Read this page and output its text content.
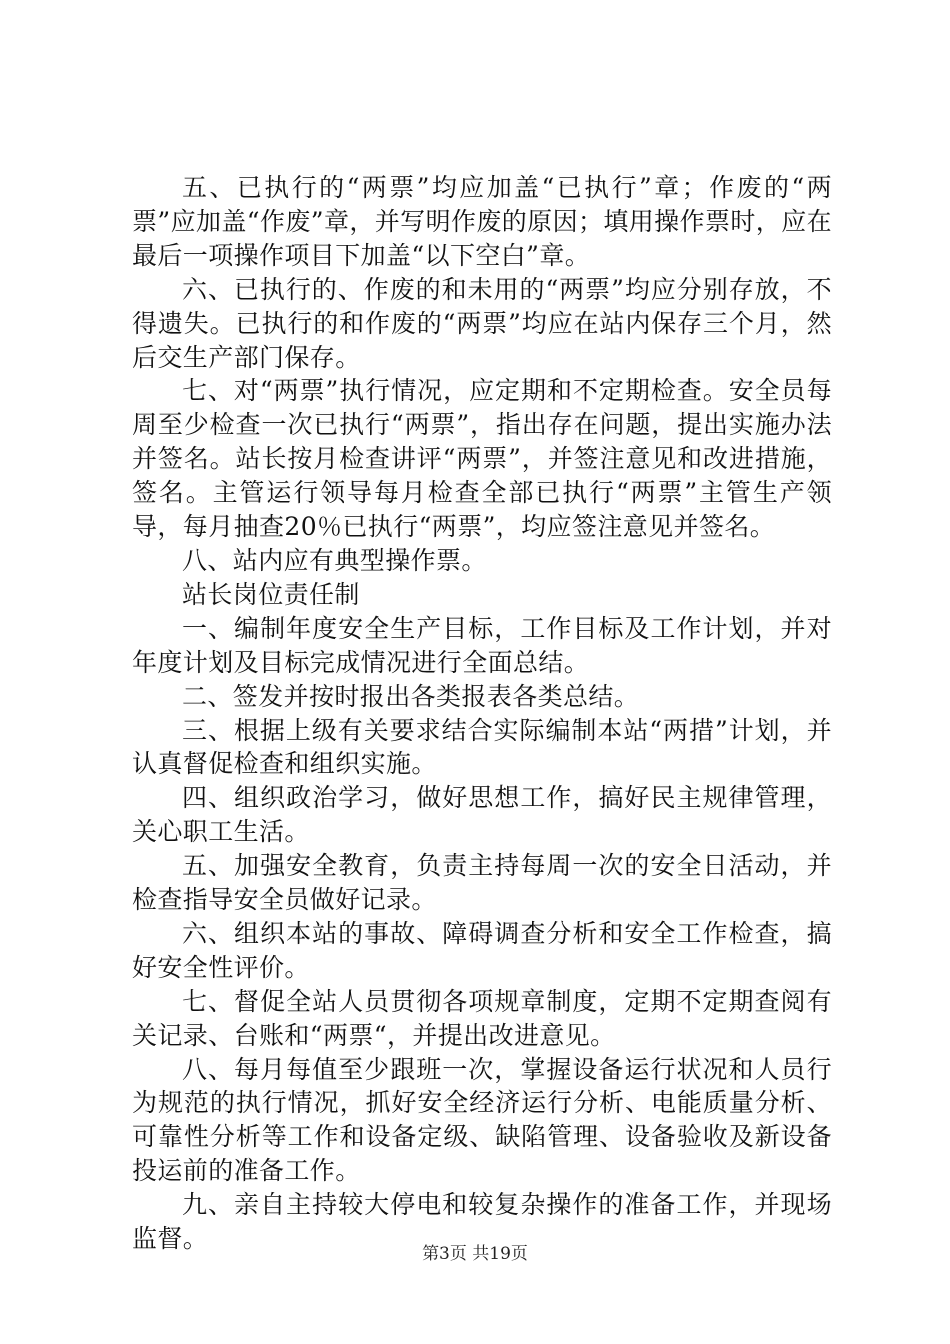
五、已执行的“两票”均应加盖“已执行”章；作废的“两票”应加盖“作废”章，并写明作废的原因；填用操作票时，应在最后一项操作项目下加盖“以下空白”章。

六、已执行的、作废的和未用的“两票”均应分别存放，不得遗失。已执行的和作废的“两票”均应在站内保存三个月，然后交生产部门保存。

七、对“两票”执行情况，应定期和不定期检查。安全员每周至少检查一次已执行“两票”，指出存在问题，提出实施办法并签名。站长按月检查讲评“两票”，并签注意见和改进措施，签名。主管运行领导每月检查全部已执行“两票”主管生产领导，每月抽查20％已执行“两票”，均应签注意见并签名。

八、站内应有典型操作票。

站长岗位责任制

一、编制年度安全生产目标，工作目标及工作计划，并对年度计划及目标完成情况进行全面总结。

二、签发并按时报出各类报表各类总结。

三、根据上级有关要求结合实际编制本站“两措”计划，并认真督促检查和组织实施。

四、组织政治学习，做好思想工作，搞好民主规律管理，关心职工生活。

五、加强安全教育，负责主持每周一次的安全日活动，并检查指导安全员做好记录。

六、组织本站的事故、障碍调查分析和安全工作检查，搞好安全性评价。

七、督促全站人员贯彻各项规章制度，定期不定期查阅有关记录、台账和“两票“，并提出改进意见。

八、每月每值至少跟班一次，掌握设备运行状况和人员行为规范的执行情况，抓好安全经济运行分析、电能质量分析、可靠性分析等工作和设备定级、缺陷管理、设备验收及新设备投运前的准备工作。

九、亲自主持较大停电和较复杂操作的准备工作，并现场监督。

第3页 共19页
